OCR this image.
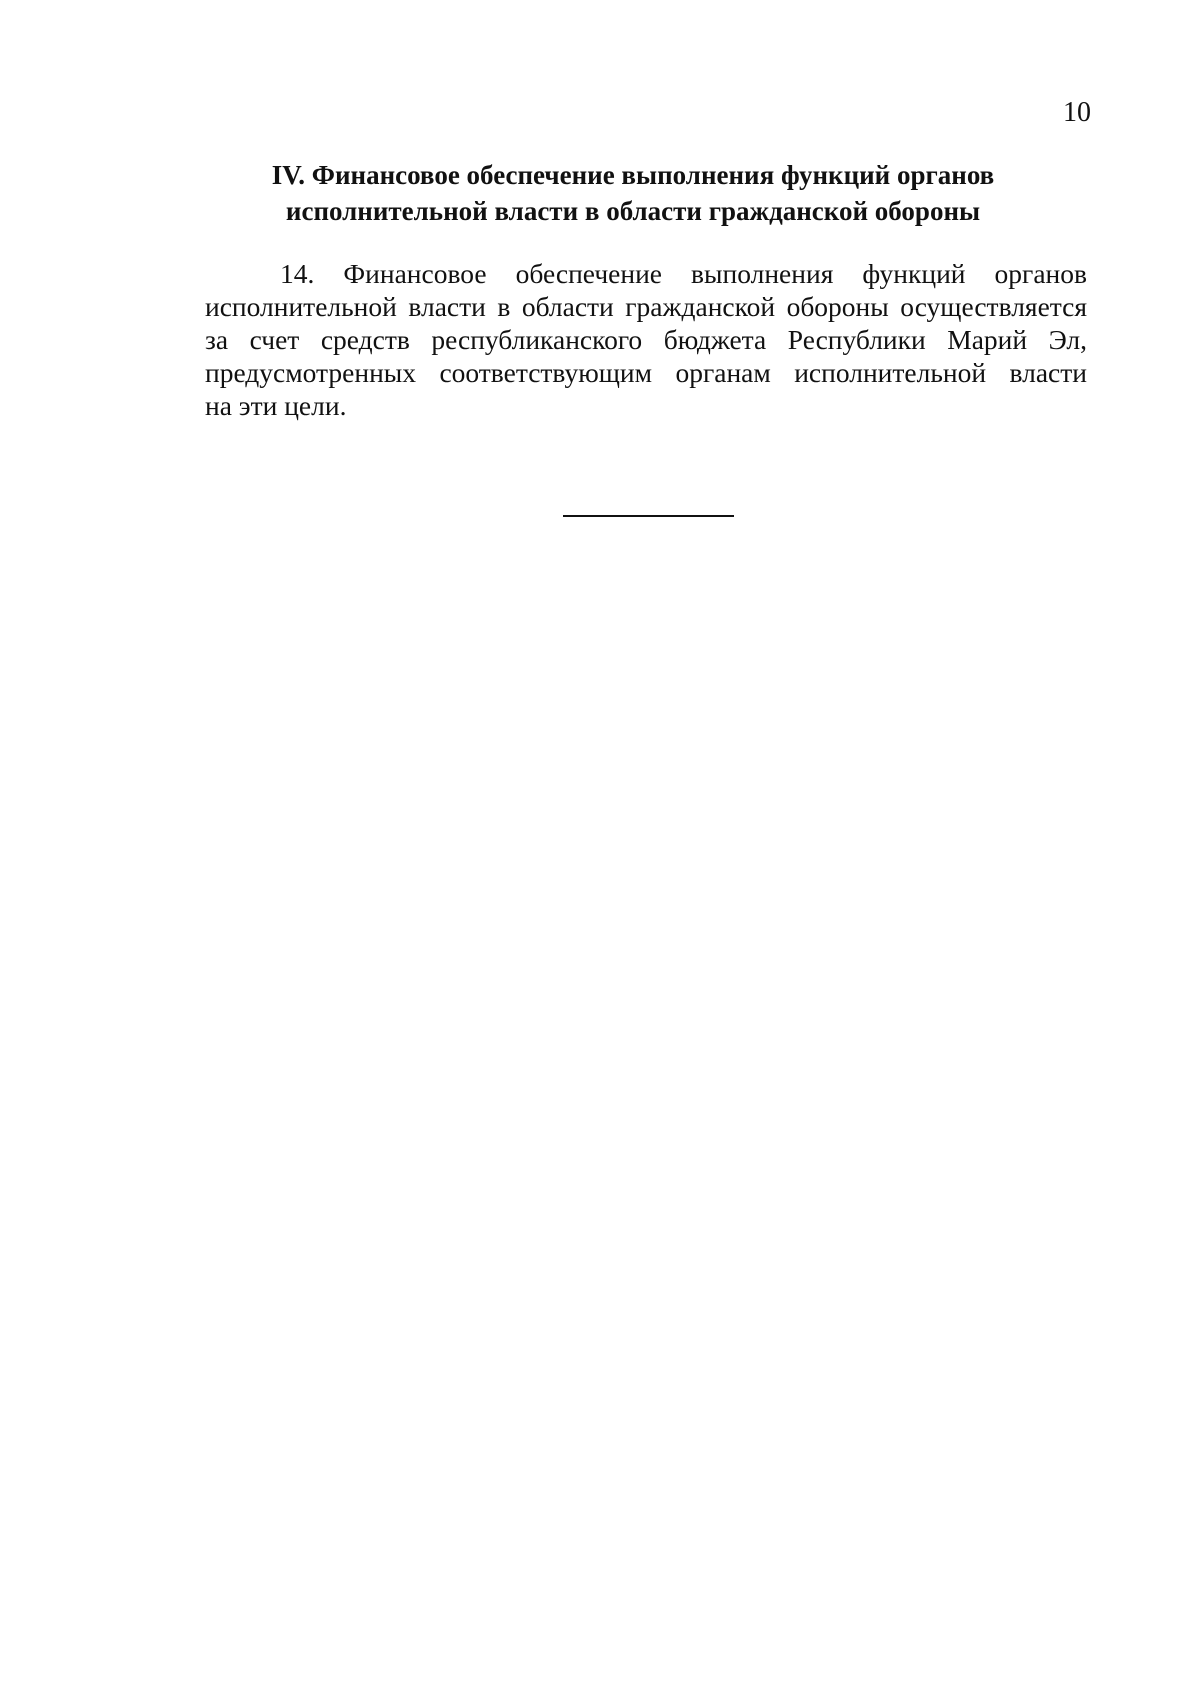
10
IV. Финансовое обеспечение выполнения функций органов
исполнительной власти в области гражданской обороны
14. Финансовое обеспечение выполнения функций органов
исполнительной власти в области гражданской обороны осуществляется
за счет средств республиканского бюджета Республики Марий Эл,
предусмотренных соответствующим органам исполнительной власти
на эти цели.
